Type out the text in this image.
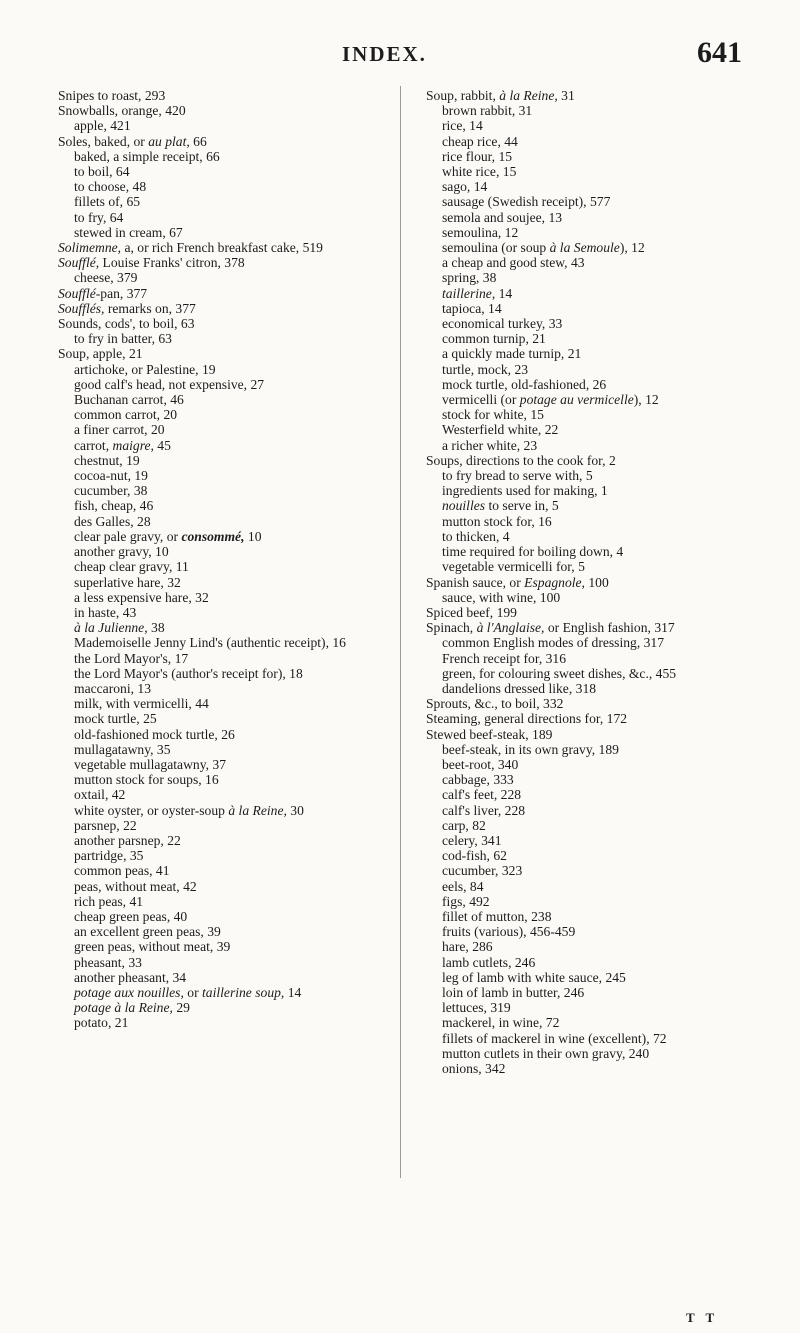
INDEX.	641
Snipes to roast, 293
Snowballs, orange, 420
apple, 421
Soles, baked, or au plat, 66
baked, a simple receipt, 66
to boil, 64
to choose, 48
fillets of, 65
to fry, 64
stewed in cream, 67
Solimemne, a, or rich French breakfast cake, 519
Soufflé, Louise Franks' citron, 378
cheese, 379
Soufflé-pan, 377
Soufflés, remarks on, 377
Sounds, cods', to boil, 63
to fry in batter, 63
Soup, apple, 21
artichoke, or Palestine, 19
good calf's head, not expensive, 27
Buchanan carrot, 46
common carrot, 20
a finer carrot, 20
carrot, maigre, 45
chestnut, 19
cocoa-nut, 19
cucumber, 38
fish, cheap, 46
des Galles, 28
clear pale gravy, or consommé, 10
another gravy, 10
cheap clear gravy, 11
superlative hare, 32
a less expensive hare, 32
in haste, 43
à la Julienne, 38
Mademoiselle Jenny Lind's (authentic receipt), 16
the Lord Mayor's, 17
the Lord Mayor's (author's receipt for), 18
maccaroni, 13
milk, with vermicelli, 44
mock turtle, 25
old-fashioned mock turtle, 26
mullagatawny, 35
vegetable mullagatawny, 37
mutton stock for soups, 16
oxtail, 42
white oyster, or oyster-soup à la Reine, 30
parsnep, 22
another parsnep, 22
partridge, 35
common peas, 41
peas, without meat, 42
rich peas, 41
cheap green peas, 40
an excellent green peas, 39
green peas, without meat, 39
pheasant, 33
another pheasant, 34
potage aux nouilles, or taillerine soup, 14
potage à la Reine, 29
potato, 21
Soup, rabbit, à la Reine, 31
brown rabbit, 31
rice, 14
cheap rice, 44
rice flour, 15
white rice, 15
sago, 14
sausage (Swedish receipt), 577
semola and soujee, 13
semoulina, 12
semoulina (or soup à la Semoule), 12
a cheap and good stew, 43
spring, 38
taillerine, 14
tapioca, 14
economical turkey, 33
common turnip, 21
a quickly made turnip, 21
turtle, mock, 23
mock turtle, old-fashioned, 26
vermicelli (or potage au vermicelle), 12
stock for white, 15
Westerfield white, 22
a richer white, 23
Soups, directions to the cook for, 2
to fry bread to serve with, 5
ingredients used for making, 1
nouilles to serve in, 5
mutton stock for, 16
to thicken, 4
time required for boiling down, 4
vegetable vermicelli for, 5
Spanish sauce, or Espagnole, 100
sauce, with wine, 100
Spiced beef, 199
Spinach, à l'Anglaise, or English fashion, 317
common English modes of dressing, 317
French receipt for, 316
green, for colouring sweet dishes, &c., 455
dandelions dressed like, 318
Sprouts, &c., to boil, 332
Steaming, general directions for, 172
Stewed beef-steak, 189
beef-steak, in its own gravy, 189
beet-root, 340
cabbage, 333
calf's feet, 228
calf's liver, 228
carp, 82
celery, 341
cod-fish, 62
cucumber, 323
eels, 84
figs, 492
fillet of mutton, 238
fruits (various), 456-459
hare, 286
lamb cutlets, 246
leg of lamb with white sauce, 245
loin of lamb in butter, 246
lettuces, 319
mackerel, in wine, 72
fillets of mackerel in wine (excellent), 72
mutton cutlets in their own gravy, 240
onions, 342
T T
